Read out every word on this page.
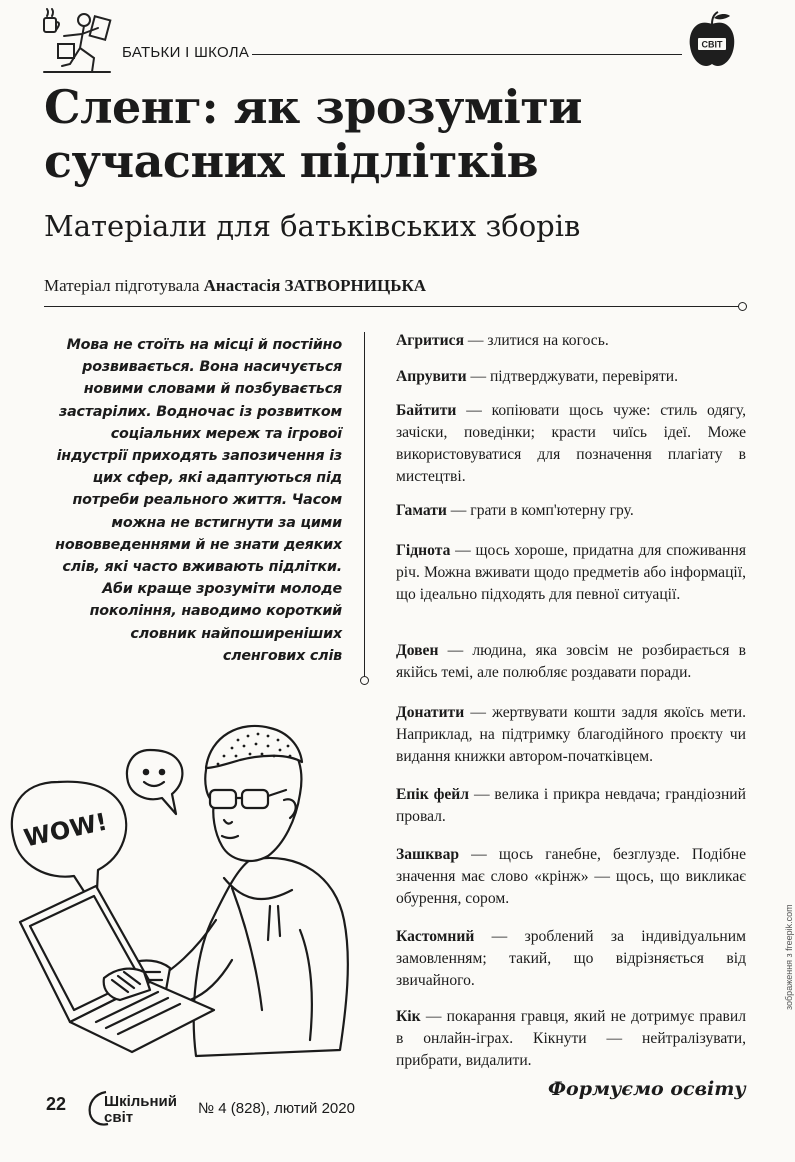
БАТЬКИ І ШКОЛА	СВІТ
Сленг: як зрозуміти сучасних підлітків
Матеріали для батьківських зборів
Матеріал підготувала Анастасія ЗАТВОРНИЦЬКА

Мова не стоїть на місці й постійно розвивається. Вона насичується новими словами й позбувається застарілих. Водночас із розвитком соціальних мереж та ігрової індустрії приходять запозичення із цих сфер, які адаптуються під потреби реального життя. Часом можна не встигнути за цими нововведеннями й не знати деяких слів, які часто вживають підлітки. Аби краще зрозуміти молоде покоління, наводимо короткий словник найпоширеніших сленгових слів

Агритися — злитися на когось.

Апрувити — підтверджувати, перевіряти.

Байтити — копіювати щось чуже: стиль одягу, зачіски, поведінки; красти чиїсь ідеї. Може використовуватися для позначення плагіату в мистецтві.

Гамати — грати в комп'ютерну гру.

Гіднота — щось хороше, придатна для споживання річ. Можна вживати щодо предметів або інформації, що ідеально підходять для певної ситуації.

Довен — людина, яка зовсім не розбирається в якійсь темі, але полюбляє роздавати поради.

Донатити — жертвувати кошти задля якоїсь мети. Наприклад, на підтримку благодійного проєкту чи видання книжки автором-початківцем.

Епік фейл — велика і прикра невдача; грандіозний провал.

Зашквар — щось ганебне, безглузде. Подібне значення має слово «крінж» — щось, що викликає обурення, сором.

Кастомний — зроблений за індивідуальним замовленням; такий, що відрізняється від звичайного.

Кік — покарання гравця, який не дотримує правил в онлайн-іграх. Кікнути — нейтралізувати, прибрати, видалити.

WOW!
22	Шкільний
світ
№ 4 (828), лютий 2020
Формуємо освіту
зображення з freepik.com
